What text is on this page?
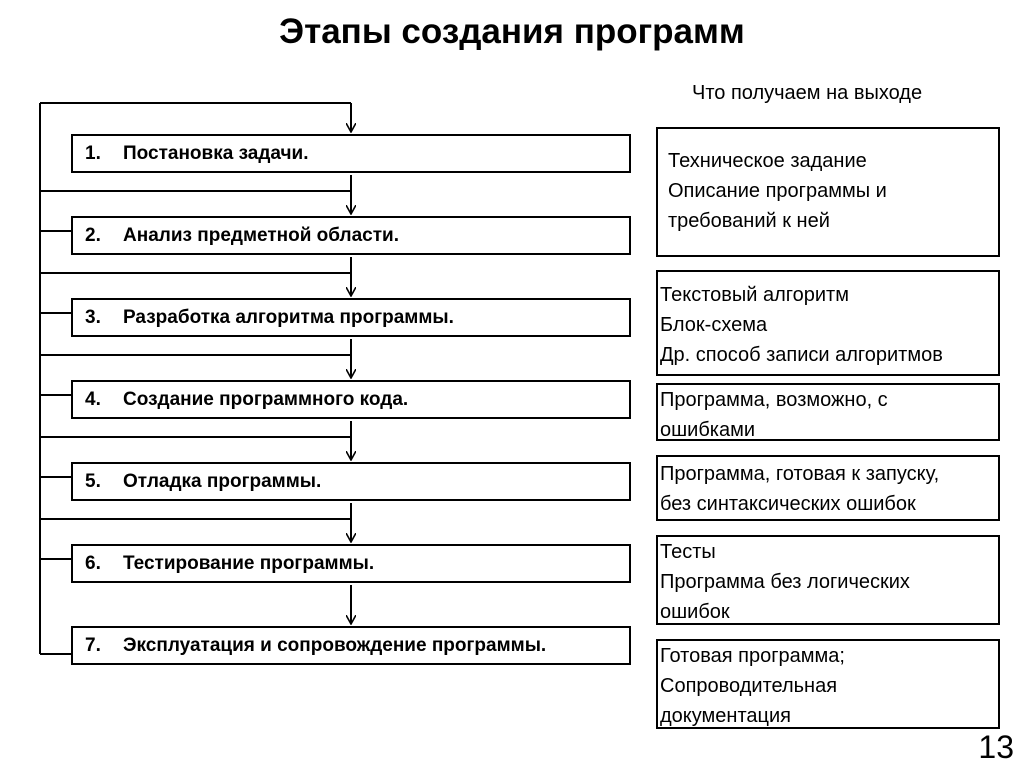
Этапы создания программ
Что получаем на выходе
1. Постановка задачи.
2. Анализ предметной области.
3. Разработка алгоритма программы.
4. Создание программного кода.
5. Отладка программы.
6. Тестирование программы.
7. Эксплуатация и сопровождение программы.
Техническое задание
Описание программы и
требований к ней
Текстовый алгоритм
Блок-схема
Др. способ записи алгоритмов
Программа, возможно, с
ошибками
Программа, готовая к запуску,
без синтаксических ошибок
Тесты
Программа без логических
ошибок
Готовая программа;
Сопроводительная
документация
13
